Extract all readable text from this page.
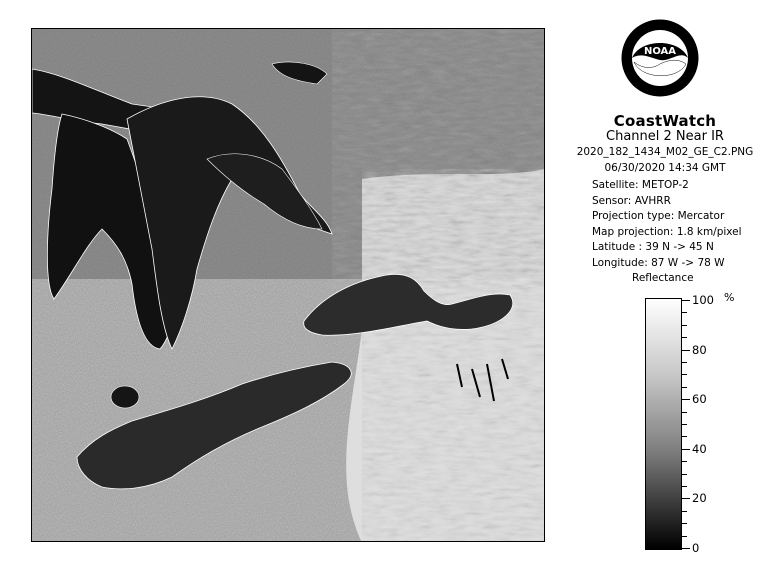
NOAA
CoastWatch
Channel 2 Near IR
2020_182_1434_M02_GE_C2.PNG
06/30/2020 14:34 GMT
Satellite: METOP-2
Sensor: AVHRR
Projection type: Mercator
Map projection: 1.8 km/pixel
Latitude : 39 N -> 45 N
Longitude: 87 W -> 78 W
Reflectance
%
100
80
60
40
20
0
